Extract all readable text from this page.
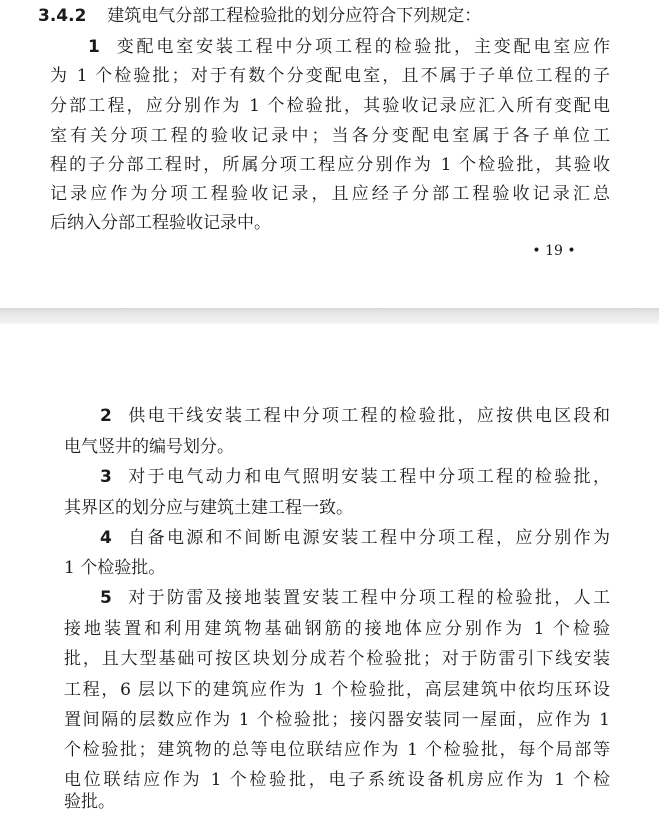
3.4.2 建筑电气分部工程检验批的划分应符合下列规定：
1 变配电室安装工程中分项工程的检验批，主变配电室应作
为 1 个检验批；对于有数个分变配电室，且不属于子单位工程的子
分部工程，应分别作为 1 个检验批，其验收记录应汇入所有变配电
室有关分项工程的验收记录中；当各分变配电室属于各子单位工
程的子分部工程时，所属分项工程应分别作为 1 个检验批，其验收
记录应作为分项工程验收记录，且应经子分部工程验收记录汇总
后纳入分部工程验收记录中。
• 19 •
2 供电干线安装工程中分项工程的检验批，应按供电区段和
电气竖井的编号划分。
3 对于电气动力和电气照明安装工程中分项工程的检验批，
其界区的划分应与建筑土建工程一致。
4 自备电源和不间断电源安装工程中分项工程，应分别作为
1 个检验批。
5 对于防雷及接地装置安装工程中分项工程的检验批，人工
接地装置和利用建筑物基础钢筋的接地体应分别作为 1 个检验
批，且大型基础可按区块划分成若个检验批；对于防雷引下线安装
工程，6 层以下的建筑应作为 1 个检验批，高层建筑中依均压环设
置间隔的层数应作为 1 个检验批；接闪器安装同一屋面，应作为 1
个检验批；建筑物的总等电位联结应作为 1 个检验批，每个局部等
电位联结应作为 1 个检验批，电子系统设备机房应作为 1 个检
验批。
